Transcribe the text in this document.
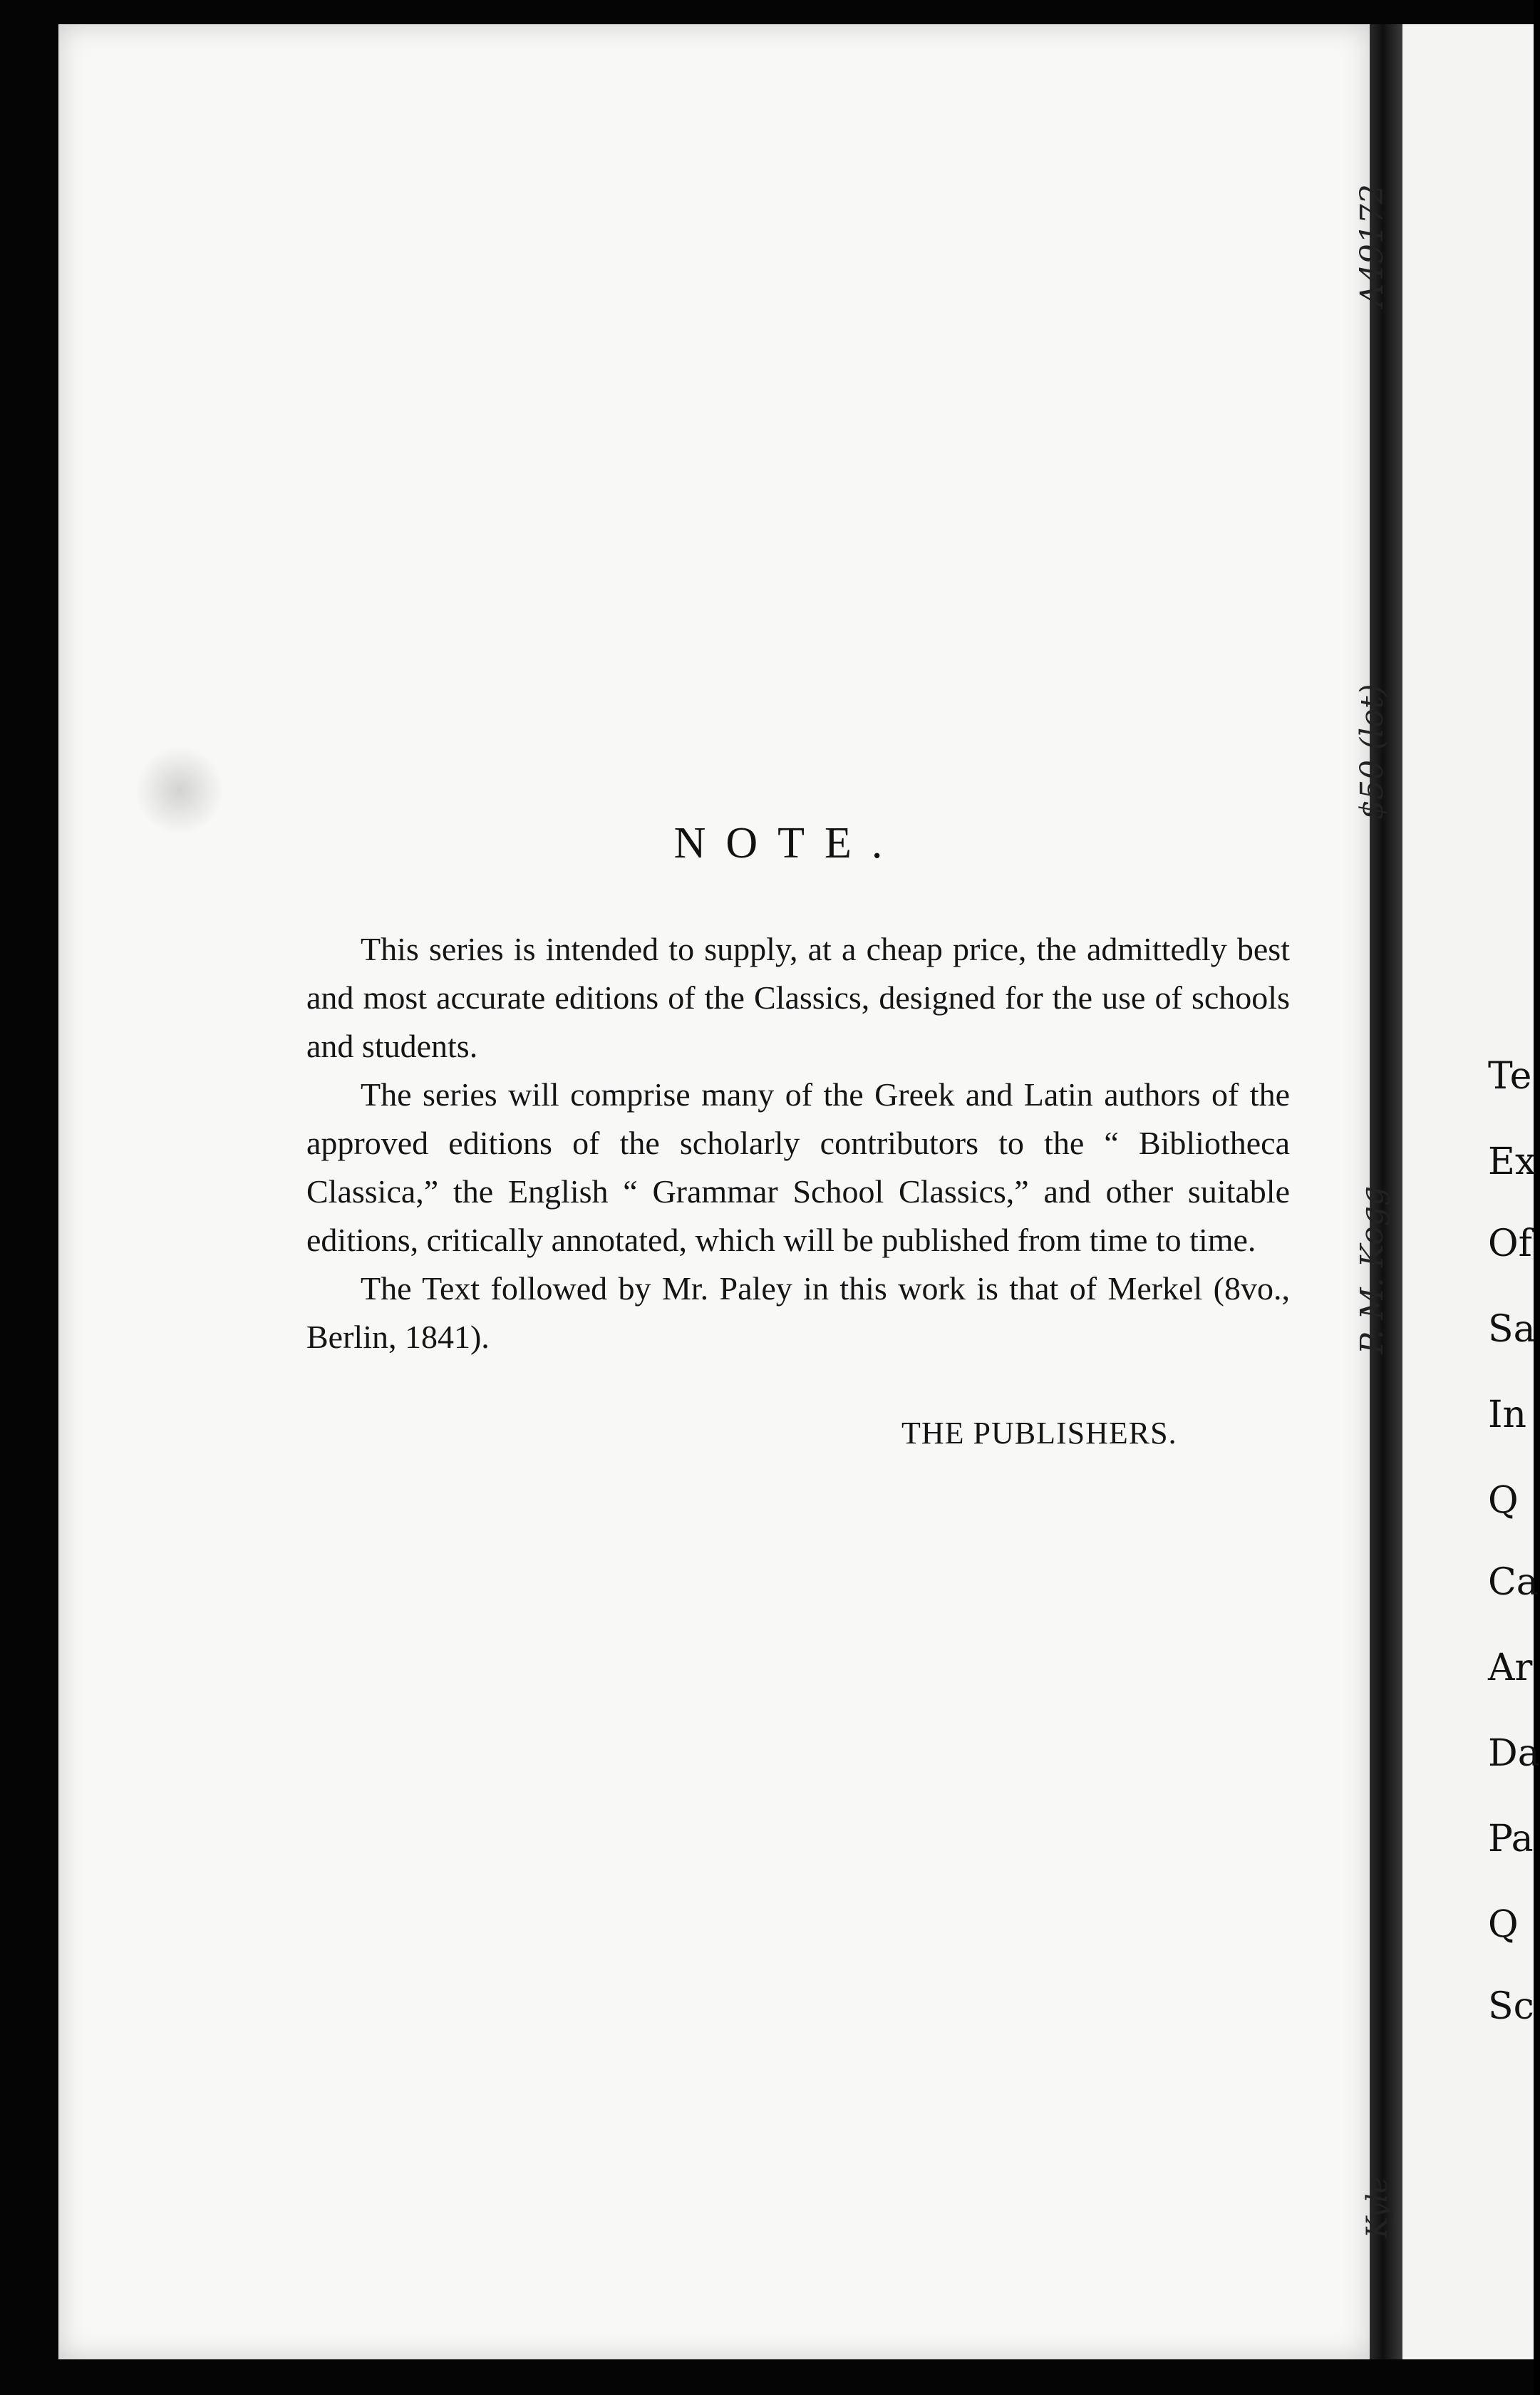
Te
Ex
Of
Sa
In
Q
Ca
Ar
Da
Pa
Q
Sc
NOTE.

This series is intended to supply, at a cheap price, the admittedly best and most accurate editions of the Classics, designed for the use of schools and students.

The series will comprise many of the Greek and Latin authors of the approved editions of the scholarly contributors to the “ Bibliotheca Classica,” the English “ Grammar School Classics,” and other suitable editions, critically annotated, which will be published from time to time.

The Text followed by Mr. Paley in this work is that of Merkel (8vo., Berlin, 1841).

THE PUBLISHERS.
A49172
$50 (lot)
P. M. Kogg
Kyle
